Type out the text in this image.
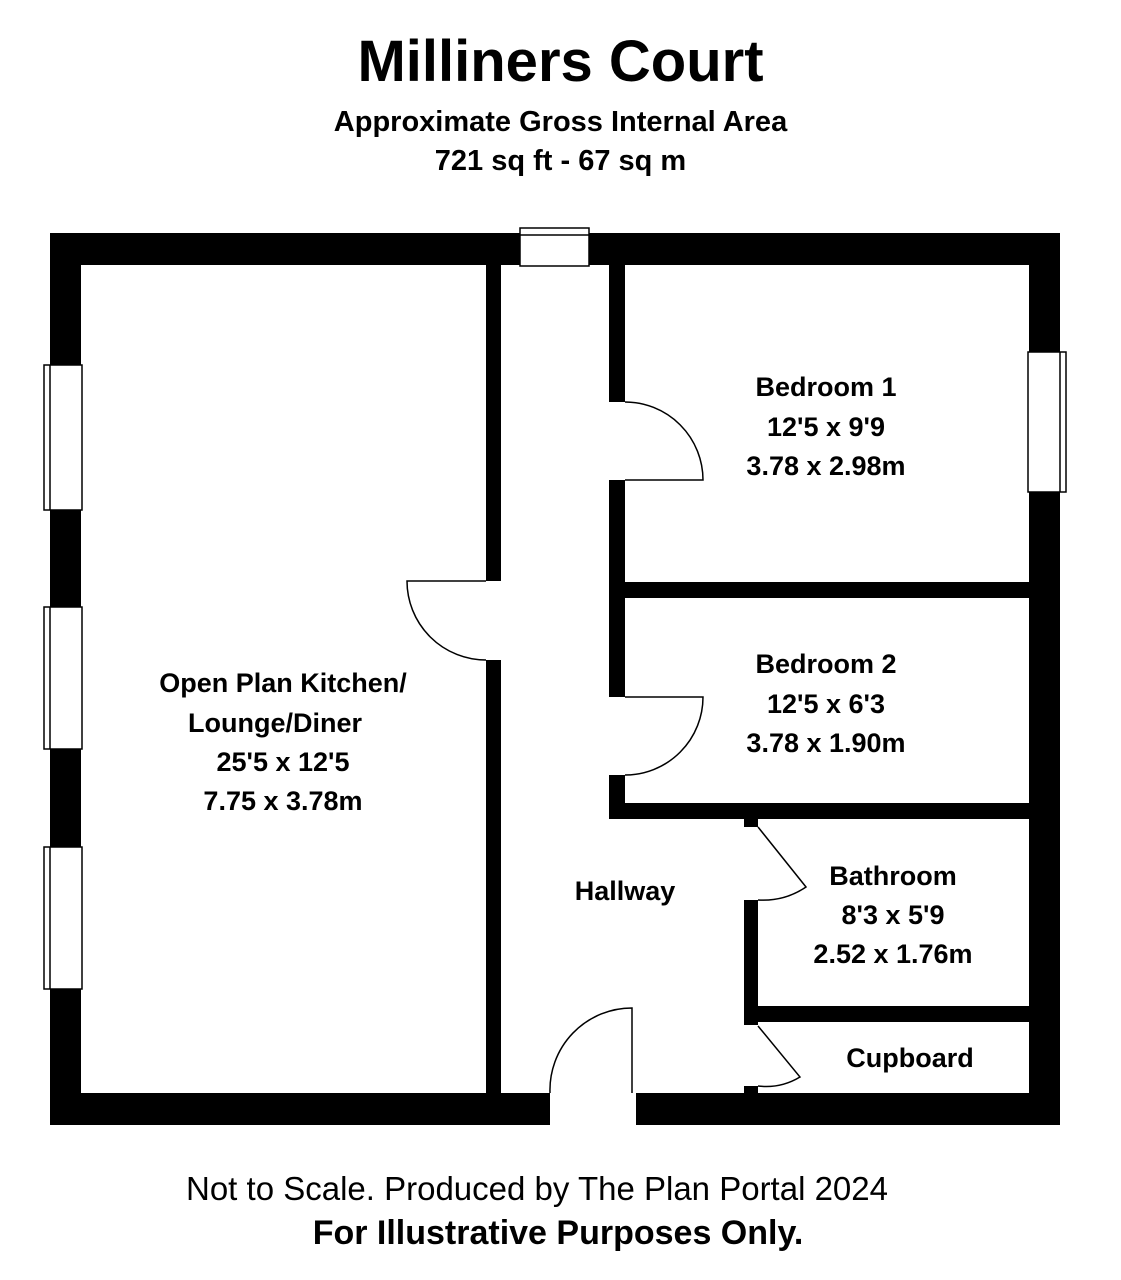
Milliners Court
Approximate Gross Internal Area
721 sq ft - 67 sq m
Open Plan Kitchen/
Lounge/Diner
25'5 x 12'5
7.75 x 3.78m
Bedroom 1
12'5 x 9'9
3.78 x 2.98m
Bedroom 2
12'5 x 6'3
3.78 x 1.90m
Bathroom
8'3 x 5'9
2.52 x 1.76m
Hallway
Cupboard
Not to Scale. Produced by The Plan Portal 2024
For Illustrative Purposes Only.
